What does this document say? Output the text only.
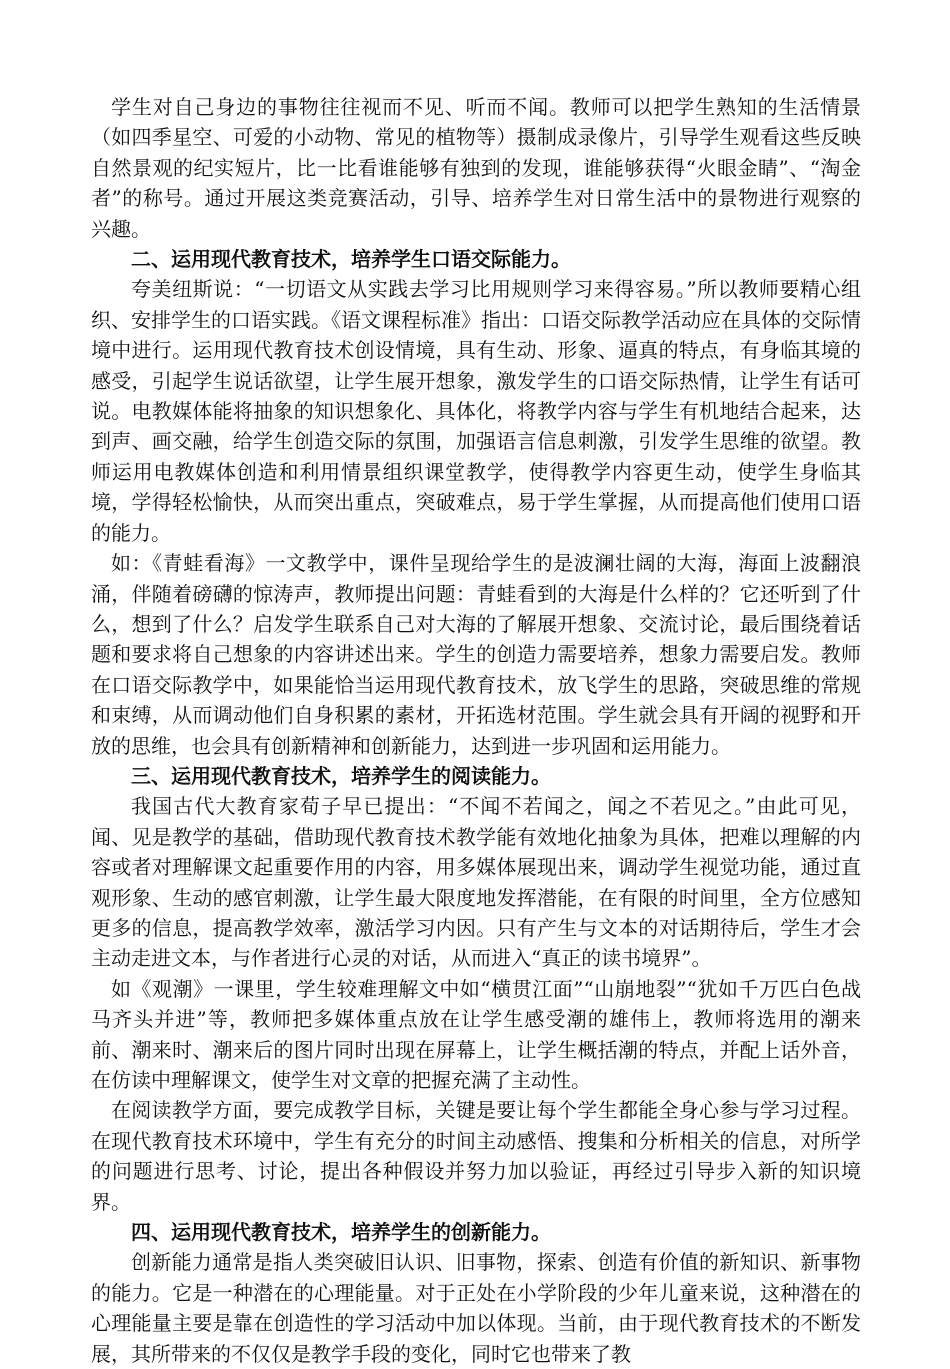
学生对自己身边的事物往往视而不见、听而不闻。教师可以把学生熟知的生活情景（如四季星空、可爱的小动物、常见的植物等）摄制成录像片，引导学生观看这些反映自然景观的纪实短片，比一比看谁能够有独到的发现，谁能够获得“火眼金睛”、“淘金者”的称号。通过开展这类竞赛活动，引导、培养学生对日常生活中的景物进行观察的兴趣。

二、运用现代教育技术，培养学生口语交际能力。

夸美纽斯说：“一切语文从实践去学习比用规则学习来得容易。”所以教师要精心组织、安排学生的口语实践。《语文课程标准》指出：口语交际教学活动应在具体的交际情境中进行。运用现代教育技术创设情境，具有生动、形象、逼真的特点，有身临其境的感受，引起学生说话欲望，让学生展开想象，激发学生的口语交际热情，让学生有话可说。电教媒体能将抽象的知识想象化、具体化，将教学内容与学生有机地结合起来，达到声、画交融，给学生创造交际的氛围，加强语言信息刺激，引发学生思维的欲望。教师运用电教媒体创造和利用情景组织课堂教学，使得教学内容更生动，使学生身临其境，学得轻松愉快，从而突出重点，突破难点，易于学生掌握，从而提高他们使用口语的能力。

如：《青蛙看海》一文教学中，课件呈现给学生的是波澜壮阔的大海，海面上波翻浪涌，伴随着磅礴的惊涛声，教师提出问题：青蛙看到的大海是什么样的？它还听到了什么，想到了什么？启发学生联系自己对大海的了解展开想象、交流讨论，最后围绕着话题和要求将自己想象的内容讲述出来。学生的创造力需要培养，想象力需要启发。教师在口语交际教学中，如果能恰当运用现代教育技术，放飞学生的思路，突破思维的常规和束缚，从而调动他们自身积累的素材，开拓选材范围。学生就会具有开阔的视野和开放的思维，也会具有创新精神和创新能力，达到进一步巩固和运用能力。

三、运用现代教育技术，培养学生的阅读能力。

我国古代大教育家荀子早已提出：“不闻不若闻之，闻之不若见之。”由此可见，闻、见是教学的基础，借助现代教育技术教学能有效地化抽象为具体，把难以理解的内容或者对理解课文起重要作用的内容，用多媒体展现出来，调动学生视觉功能，通过直观形象、生动的感官刺激，让学生最大限度地发挥潜能，在有限的时间里，全方位感知更多的信息，提高教学效率，激活学习内因。只有产生与文本的对话期待后，学生才会主动走进文本，与作者进行心灵的对话，从而进入“真正的读书境界”。

如《观潮》一课里，学生较难理解文中如“横贯江面”“山崩地裂”“犹如千万匹白色战马齐头并进”等，教师把多媒体重点放在让学生感受潮的雄伟上，教师将选用的潮来前、潮来时、潮来后的图片同时出现在屏幕上，让学生概括潮的特点，并配上话外音，在仿读中理解课文，使学生对文章的把握充满了主动性。

在阅读教学方面，要完成教学目标，关键是要让每个学生都能全身心参与学习过程。在现代教育技术环境中，学生有充分的时间主动感悟、搜集和分析相关的信息，对所学的问题进行思考、讨论，提出各种假设并努力加以验证，再经过引导步入新的知识境界。

四、运用现代教育技术，培养学生的创新能力。

创新能力通常是指人类突破旧认识、旧事物，探索、创造有价值的新知识、新事物的能力。它是一种潜在的心理能量。对于正处在小学阶段的少年儿童来说，这种潜在的心理能量主要是靠在创造性的学习活动中加以体现。当前，由于现代教育技术的不断发展，其所带来的不仅仅是教学手段的变化，同时它也带来了教
